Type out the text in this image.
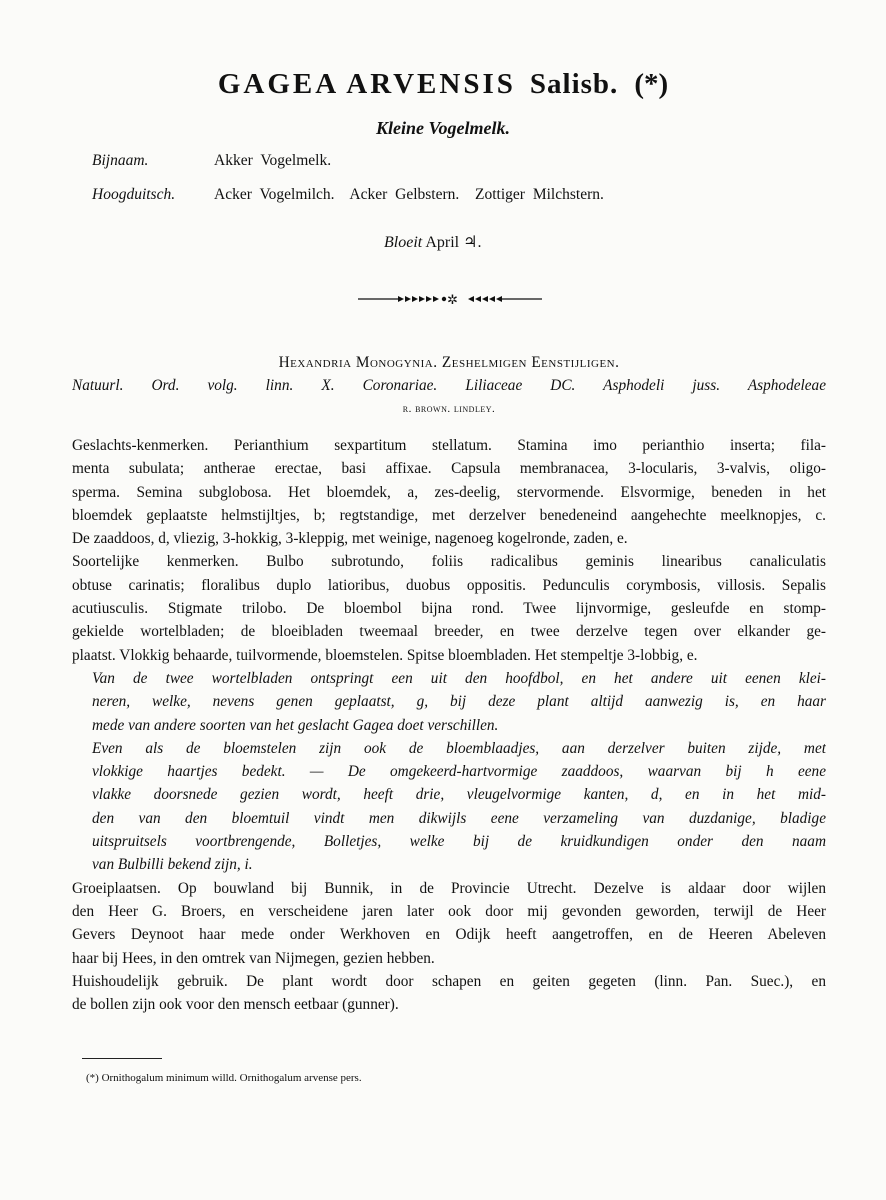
GAGEA ARVENSIS Salisb. (*)
Kleine Vogelmelk.
Bijnaam.	Akker Vogelmelk.
Hoogduitsch.	Acker Vogelmilch.  Acker Gelbstern.  Zottiger Milchstern.
Bloeit April ♃.
✲
Hexandria Monogynia. Zeshelmigen Eenstijligen.
Natuurl. Ord. volg. linn. X. Coronariae. Liliaceae DC. Asphodeli juss. Asphodeleae
r. brown. lindley.
Geslachts-kenmerken. Perianthium sexpartitum stellatum. Stamina imo perianthio inserta; fila-
menta subulata; antherae erectae, basi affixae. Capsula membranacea, 3-locularis, 3-valvis, oligo-
sperma. Semina subglobosa. Het bloemdek, a, zes-deelig, stervormende. Elsvormige, beneden in het
bloemdek geplaatste helmstijltjes, b; regtstandige, met derzelver benedeneind aangehechte meelknopjes, c.
De zaaddoos, d, vliezig, 3-hokkig, 3-kleppig, met weinige, nagenoeg kogelronde, zaden, e.
Soortelijke kenmerken. Bulbo subrotundo, foliis radicalibus geminis linearibus canaliculatis
obtuse carinatis; floralibus duplo latioribus, duobus oppositis. Pedunculis corymbosis, villosis. Sepalis
acutiusculis. Stigmate trilobo. De bloembol bijna rond. Twee lijnvormige, gesleufde en stomp-
gekielde wortelbladen; de bloeibladen tweemaal breeder, en twee derzelve tegen over elkander ge-
plaatst. Vlokkig behaarde, tuilvormende, bloemstelen. Spitse bloembladen. Het stempeltje 3-lobbig, e.
Van de twee wortelbladen ontspringt een uit den hoofdbol, en het andere uit eenen klei-
neren, welke, nevens genen geplaatst, g, bij deze plant altijd aanwezig is, en haar
mede van andere soorten van het geslacht Gagea doet verschillen.
Even als de bloemstelen zijn ook de bloemblaadjes, aan derzelver buiten zijde, met
vlokkige haartjes bedekt. — De omgekeerd-hartvormige zaaddoos, waarvan bij h eene
vlakke doorsnede gezien wordt, heeft drie, vleugelvormige kanten, d, en in het mid-
den van den bloemtuil vindt men dikwijls eene verzameling van duzdanige, bladige
uitspruitsels voortbrengende, Bolletjes, welke bij de kruidkundigen onder den naam
van Bulbilli bekend zijn, i.
Groeiplaatsen. Op bouwland bij Bunnik, in de Provincie Utrecht. Dezelve is aldaar door wijlen
den Heer G. Broers, en verscheidene jaren later ook door mij gevonden geworden, terwijl de Heer
Gevers Deynoot haar mede onder Werkhoven en Odijk heeft aangetroffen, en de Heeren Abeleven
haar bij Hees, in den omtrek van Nijmegen, gezien hebben.
Huishoudelijk gebruik. De plant wordt door schapen en geiten gegeten (linn. Pan. Suec.), en
de bollen zijn ook voor den mensch eetbaar (gunner).
(*) Ornithogalum minimum willd. Ornithogalum arvense pers.
